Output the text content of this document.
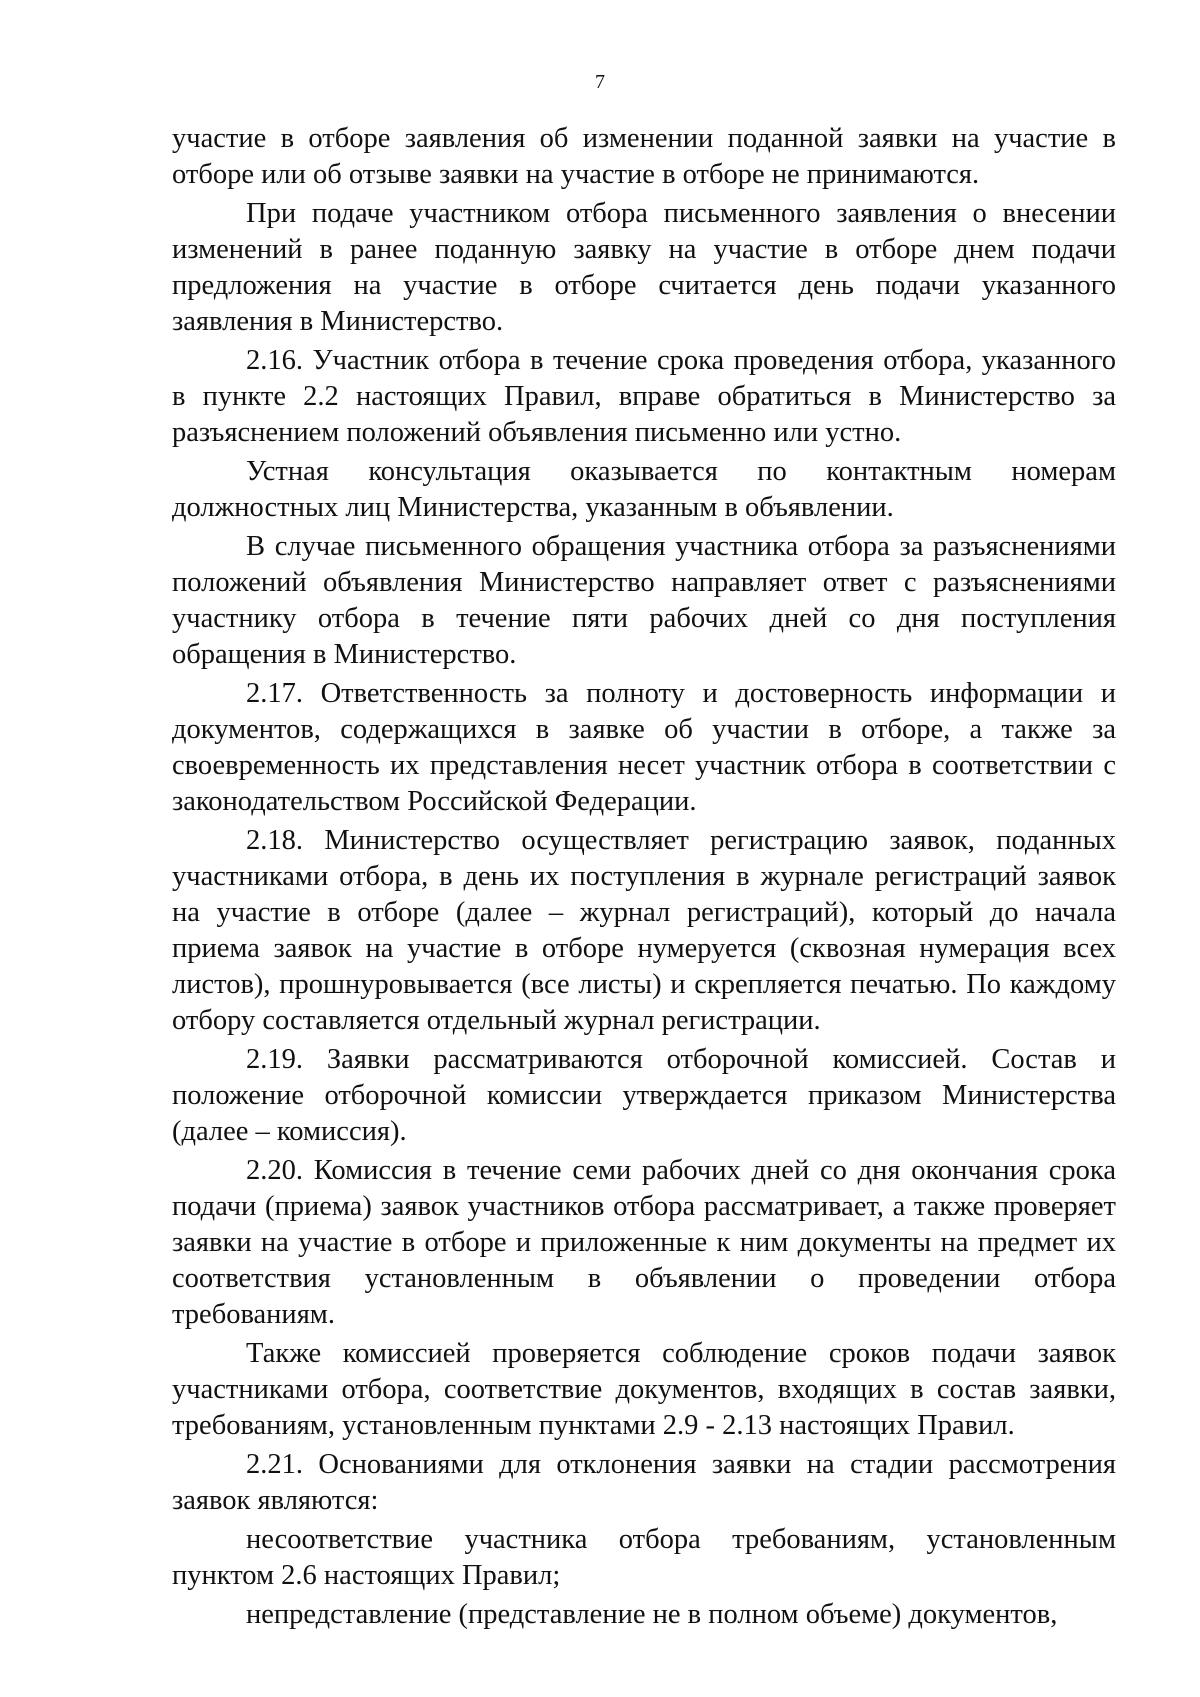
7

участие в отборе заявления об изменении поданной заявки на участие в отборе или об отзыве заявки на участие в отборе не принимаются.

При подаче участником отбора письменного заявления о внесении изменений в ранее поданную заявку на участие в отборе днем подачи предложения на участие в отборе считается день подачи указанного заявления в Министерство.

2.16. Участник отбора в течение срока проведения отбора, указанного в пункте 2.2 настоящих Правил, вправе обратиться в Министерство за разъяснением положений объявления письменно или устно.

Устная консультация оказывается по контактным номерам должностных лиц Министерства, указанным в объявлении.

В случае письменного обращения участника отбора за разъяснениями положений объявления Министерство направляет ответ с разъяснениями участнику отбора в течение пяти рабочих дней со дня поступления обращения в Министерство.

2.17. Ответственность за полноту и достоверность информации и документов, содержащихся в заявке об участии в отборе, а также за своевременность их представления несет участник отбора в соответствии с законодательством Российской Федерации.

2.18. Министерство осуществляет регистрацию заявок, поданных участниками отбора, в день их поступления в журнале регистраций заявок на участие в отборе (далее – журнал регистраций), который до начала приема заявок на участие в отборе нумеруется (сквозная нумерация всех листов), прошнуровывается (все листы) и скрепляется печатью. По каждому отбору составляется отдельный журнал регистрации.

2.19. Заявки рассматриваются отборочной комиссией. Состав и положение отборочной комиссии утверждается приказом Министерства (далее – комиссия).

2.20. Комиссия в течение семи рабочих дней со дня окончания срока подачи (приема) заявок участников отбора рассматривает, а также проверяет заявки на участие в отборе и приложенные к ним документы на предмет их соответствия установленным в объявлении о проведении отбора требованиям.

Также комиссией проверяется соблюдение сроков подачи заявок участниками отбора, соответствие документов, входящих в состав заявки, требованиям, установленным пунктами 2.9 - 2.13 настоящих Правил.

2.21. Основаниями для отклонения заявки на стадии рассмотрения заявок являются:

несоответствие участника отбора требованиям, установленным пунктом 2.6 настоящих Правил;

непредставление (представление не в полном объеме) документов,
